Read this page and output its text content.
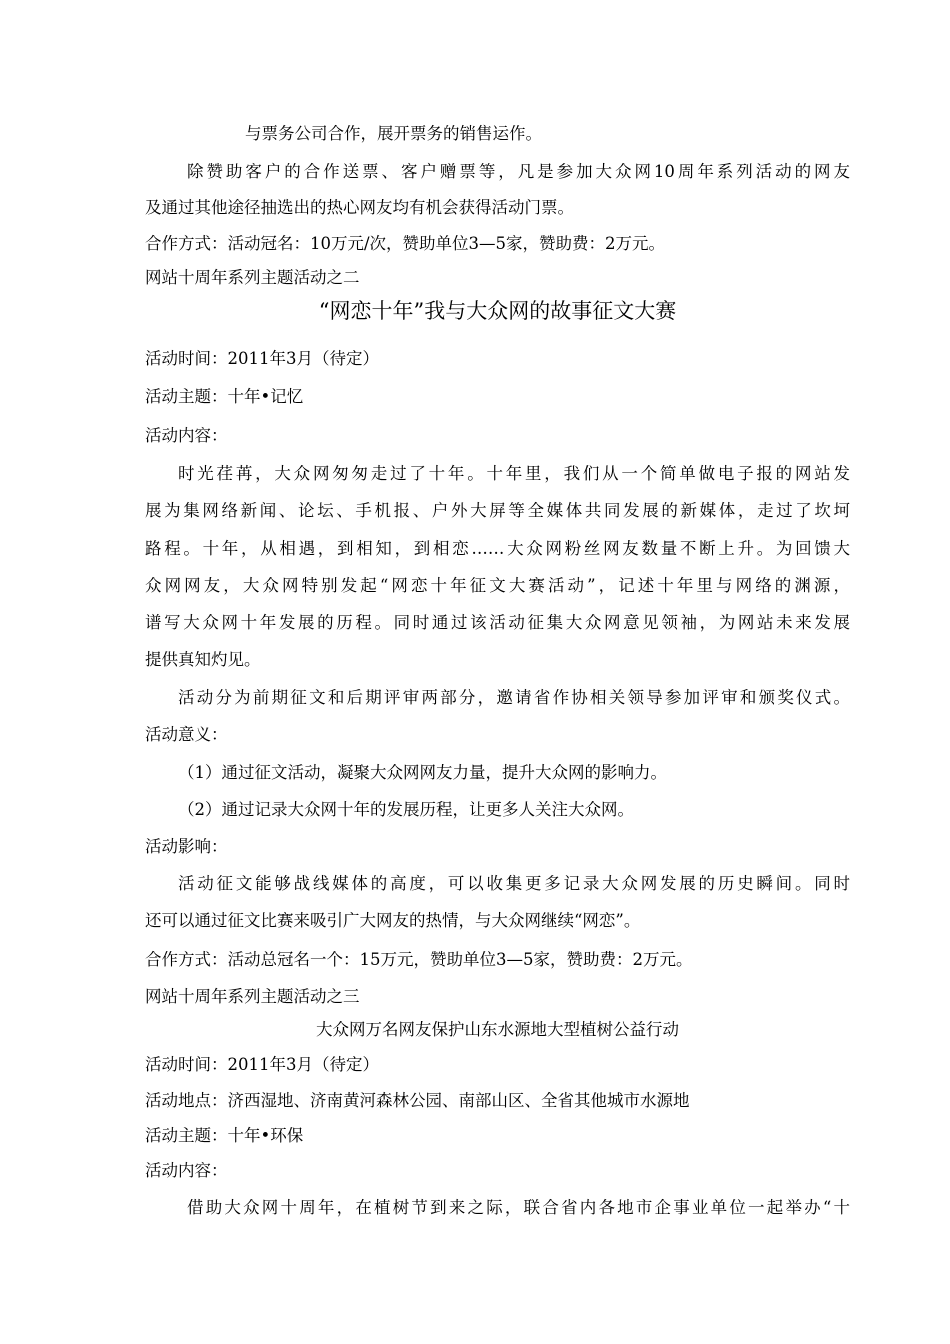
与票务公司合作，展开票务的销售运作。
除赞助客户的合作送票、客户赠票等，凡是参加大众网10周年系列活动的网友
及通过其他途径抽选出的热心网友均有机会获得活动门票。
合作方式：活动冠名：10万元/次，赞助单位3—5家，赞助费：2万元。
网站十周年系列主题活动之二
“网恋十年”我与大众网的故事征文大赛
活动时间：2011年3月（待定）
活动主题：十年•记忆
活动内容：
时光荏苒，大众网匆匆走过了十年。十年里，我们从一个简单做电子报的网站发
展为集网络新闻、论坛、手机报、户外大屏等全媒体共同发展的新媒体，走过了坎坷
路程。十年，从相遇，到相知，到相恋……大众网粉丝网友数量不断上升。为回馈大
众网网友，大众网特别发起“网恋十年征文大赛活动”，记述十年里与网络的渊源，
谱写大众网十年发展的历程。同时通过该活动征集大众网意见领袖，为网站未来发展
提供真知灼见。
活动分为前期征文和后期评审两部分，邀请省作协相关领导参加评审和颁奖仪式。
活动意义：
（1）通过征文活动，凝聚大众网网友力量，提升大众网的影响力。
（2）通过记录大众网十年的发展历程，让更多人关注大众网。
活动影响：
活动征文能够战线媒体的高度，可以收集更多记录大众网发展的历史瞬间。同时
还可以通过征文比赛来吸引广大网友的热情，与大众网继续“网恋”。
合作方式：活动总冠名一个：15万元，赞助单位3—5家，赞助费：2万元。
网站十周年系列主题活动之三
大众网万名网友保护山东水源地大型植树公益行动
活动时间：2011年3月（待定）
活动地点：济西湿地、济南黄河森林公园、南部山区、全省其他城市水源地
活动主题：十年•环保
活动内容：
借助大众网十周年，在植树节到来之际，联合省内各地市企事业单位一起举办“十
